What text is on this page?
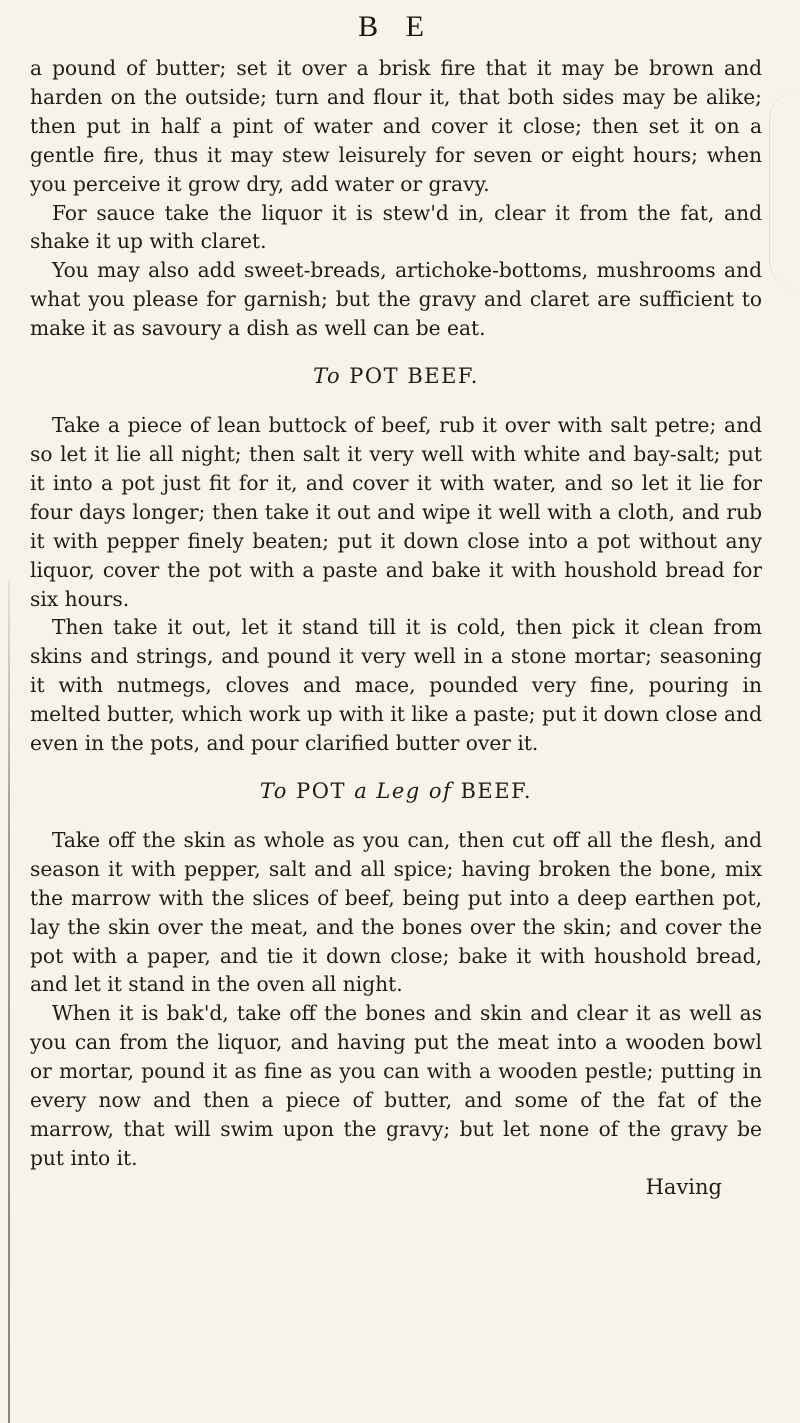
B E

a pound of butter; set it over a brisk fire that it may be brown and harden on the outside; turn and flour it, that both sides may be alike; then put in half a pint of water and cover it close; then set it on a gentle fire, thus it may stew leisurely for seven or eight hours; when you perceive it grow dry, add water or gravy.

For sauce take the liquor it is stew'd in, clear it from the fat, and shake it up with claret.

You may also add sweet-breads, artichoke-bottoms, mushrooms and what you please for garnish; but the gravy and claret are sufficient to make it as savoury a dish as well can be eat.

To POT BEEF.

Take a piece of lean buttock of beef, rub it over with salt petre; and so let it lie all night; then salt it very well with white and bay-salt; put it into a pot just fit for it, and cover it with water, and so let it lie for four days longer; then take it out and wipe it well with a cloth, and rub it with pepper finely beaten; put it down close into a pot without any liquor, cover the pot with a paste and bake it with houshold bread for six hours.

Then take it out, let it stand till it is cold, then pick it clean from skins and strings, and pound it very well in a stone mortar; seasoning it with nutmegs, cloves and mace, pounded very fine, pouring in melted butter, which work up with it like a paste; put it down close and even in the pots, and pour clarified butter over it.

To POT a Leg of BEEF.

Take off the skin as whole as you can, then cut off all the flesh, and season it with pepper, salt and all spice; having broken the bone, mix the marrow with the slices of beef, being put into a deep earthen pot, lay the skin over the meat, and the bones over the skin; and cover the pot with a paper, and tie it down close; bake it with houshold bread, and let it stand in the oven all night.

When it is bak'd, take off the bones and skin and clear it as well as you can from the liquor, and having put the meat into a wooden bowl or mortar, pound it as fine as you can with a wooden pestle; putting in every now and then a piece of butter, and some of the fat of the marrow, that will swim upon the gravy; but let none of the gravy be put into it.

Having
